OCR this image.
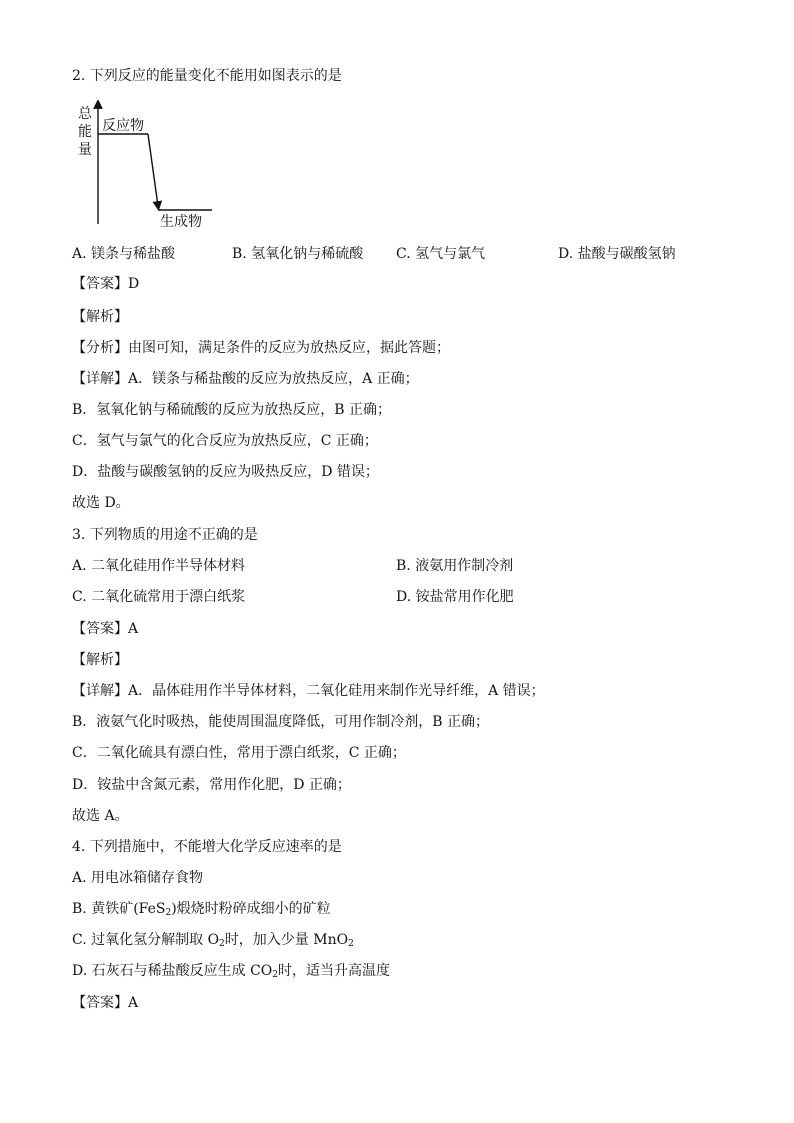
2. 下列反应的能量变化不能用如图表示的是
总
能
量
反应物
生成物
A. 镁条与稀盐酸	B. 氢氧化钠与稀硫酸 C. 氢气与氯气	D. 盐酸与碳酸氢钠
【答案】D
【解析】
【分析】由图可知，满足条件的反应为放热反应，据此答题；
【详解】A．镁条与稀盐酸的反应为放热反应，A 正确；
B．氢氧化钠与稀硫酸的反应为放热反应，B 正确；
C．氢气与氯气的化合反应为放热反应，C 正确；
D．盐酸与碳酸氢钠的反应为吸热反应，D 错误；
故选 D。
3. 下列物质的用途不正确的是
A. 二氧化硅用作半导体材料	B. 液氨用作制冷剂
C. 二氧化硫常用于漂白纸浆	D. 铵盐常用作化肥
【答案】A
【解析】
【详解】A．晶体硅用作半导体材料，二氧化硅用来制作光导纤维，A 错误；
B．液氨气化时吸热，能使周围温度降低，可用作制冷剂，B 正确；
C．二氧化硫具有漂白性，常用于漂白纸浆，C 正确；
D．铵盐中含氮元素，常用作化肥，D 正确；
故选 A。
4. 下列措施中，不能增大化学反应速率的是
A. 用电冰箱储存食物
B. 黄铁矿(FeS$_2$)煅烧时粉碎成细小的矿粒
C. 过氧化氢分解制取 $O_2$时，加入少量 MnO$_2$
D. 石灰石与稀盐酸反应生成 $CO_2$时，适当升高温度
【答案】A
